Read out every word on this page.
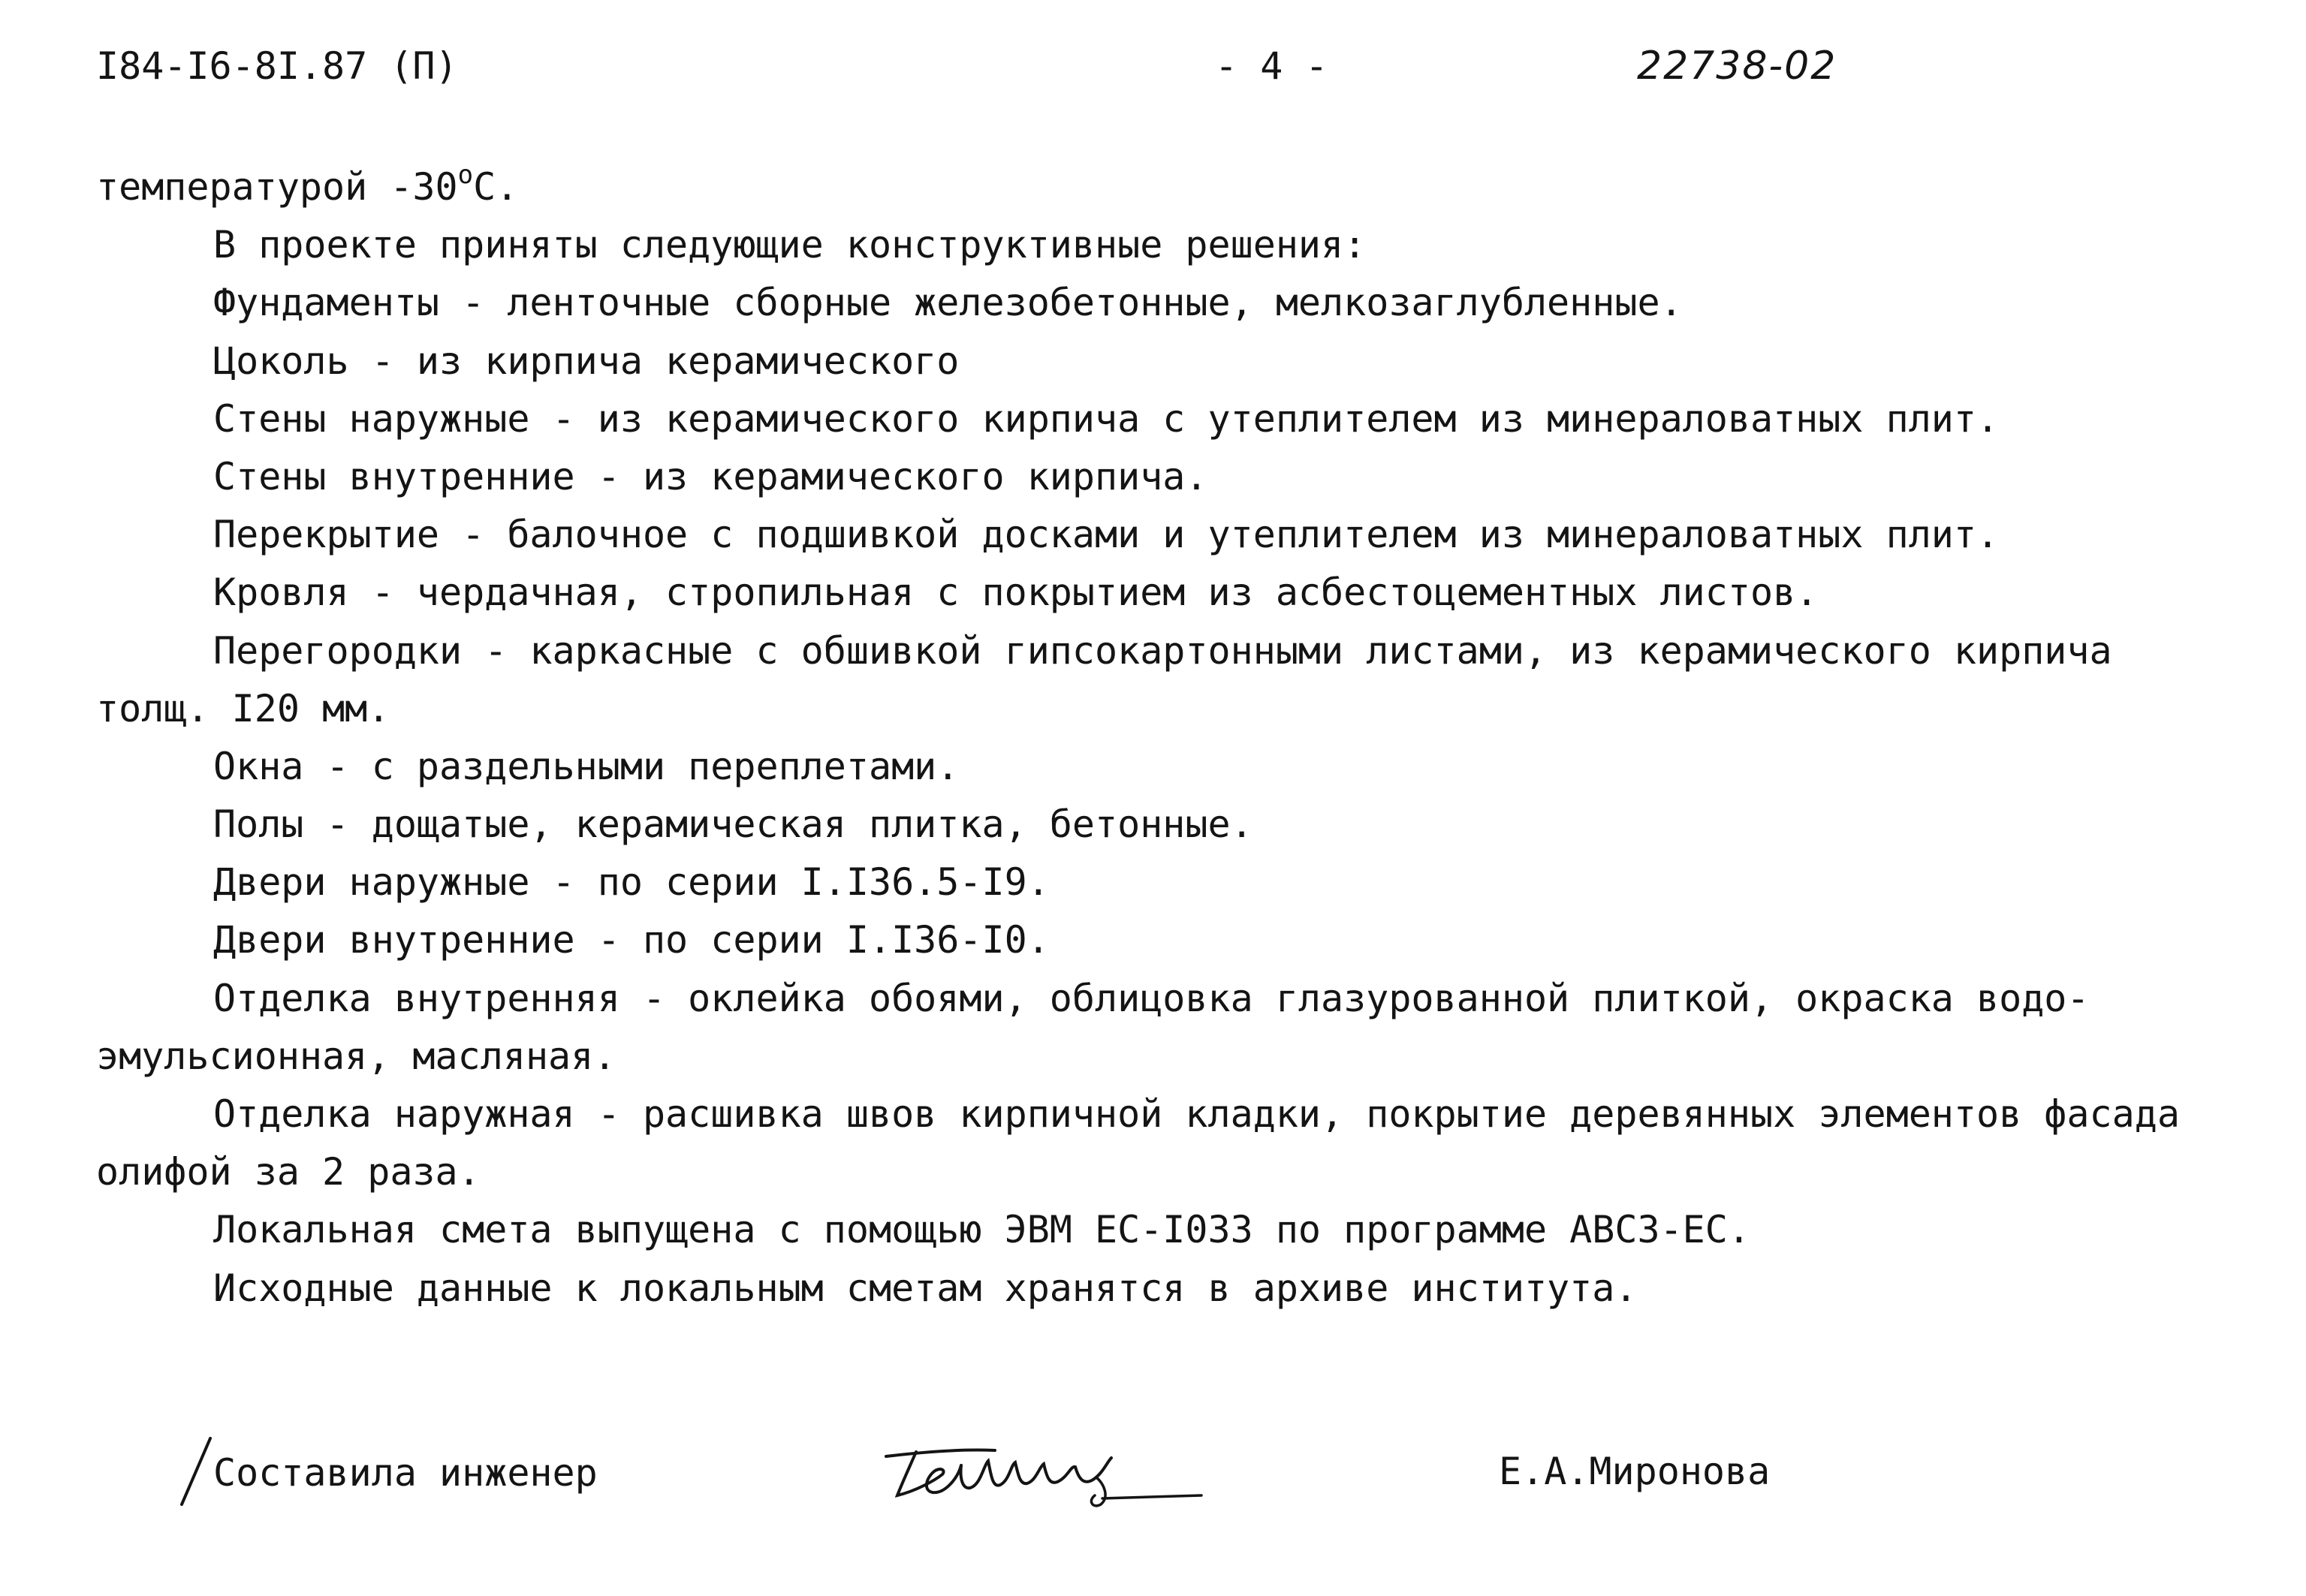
I84-I6-8I.87 (П)	- 4 -	22738-02
температурой $-30^оС$.
В проекте приняты следующие конструктивные решения:
Фундаменты - ленточные сборные железобетонные, мелкозаглубленные.
Цоколь - из кирпича керамического
Стены наружные - из керамического кирпича с утеплителем из минераловатных плит.
Стены внутренние - из керамического кирпича.
Перекрытие - балочное с подшивкой досками и утеплителем из минераловатных плит.
Кровля - чердачная, стропильная с покрытием из асбестоцементных листов.
Перегородки - каркасные с обшивкой гипсокартонными листами, из керамического кирпича
толщ. I20 мм.
Окна - с раздельными переплетами.
Полы - дощатые, керамическая плитка, бетонные.
Двери наружные - по серии I.I36.5-I9.
Двери внутренние - по серии I.I36-I0.
Отделка внутренняя - оклейка обоями, облицовка глазурованной плиткой, окраска водо-
эмульсионная, масляная.
Отделка наружная - расшивка швов кирпичной кладки, покрытие деревянных элементов фасада
олифой за 2 раза.
Локальная смета выпущена с помощью ЭВМ ЕС-I033 по программе АВС3-ЕС.
Исходные данные к локальным сметам хранятся в архиве института.
Составила инженер	Е.А.Миронова
